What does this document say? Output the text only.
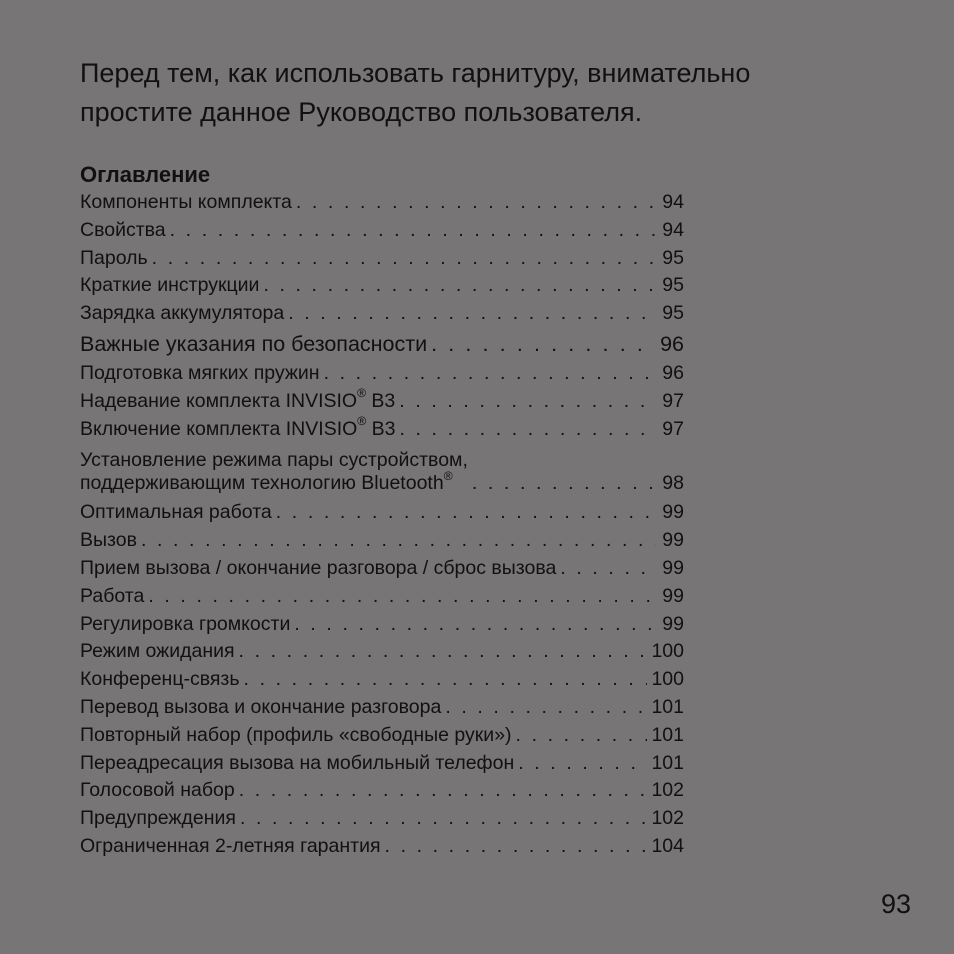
Перед тем, как использовать гарнитуру, внимательно
простите данное Руководство пользователя.
Оглавление
Компоненты комплекта . . .	94
Свойства . . .	94
Пароль . . .	95
Краткие инструкции . . .	95
Зарядка аккумулятора . . .	95
Важные указания по безопасности . . .	96
Подготовка мягких пружин . . .	96
Надевание комплекта INVISIO® B3 . . .	97
Включение комплекта INVISIO® B3 . . .	97
Установление режима пары сустройством,
поддерживающим технологию Bluetooth® . . .	98
Оптимальная работа . . .	99
Вызов . . .	99
Прием вызова / окончание разговора / сброс вызова . . .	99
Работа . . .	99
Регулировка громкости . . .	99
Режим ожидания . . .	100
Конференц-связь . . .	100
Перевод вызова и окончание разговора . . .	101
Повторный набор (профиль «свободные руки») . . .	101
Переадресация вызова на мобильный телефон . . .	101
Голосовой набор . . .	102
Предупреждения . . .	102
Ограниченная 2-летняя гарантия . . .	104

93
